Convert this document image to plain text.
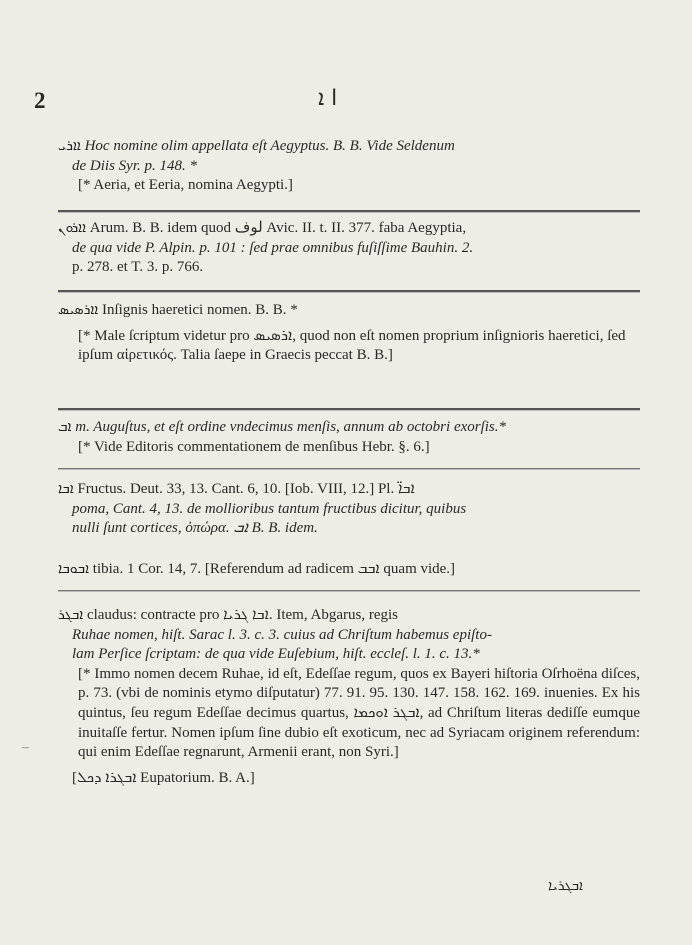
2	ﺍ ܐ

ܐܐܪܝ Hoc nomine olim appellata eſt Aegyptus. B. B. Vide Seldenum

de Diis Syr. p. 148. *

[* Aeria, et Eeria, nomina Aegypti.]

ܐܐܪܘܢ Arum. B. B. idem quod ﻟﻮﻑ Avic. II. t. II. 377. faba Aegyptia,

de qua vide P. Alpin. p. 101 : ſed prae omnibus fuſiſſime Bauhin. 2.

p. 278. et T. 3. p. 766.

ܐܐܪܣܝܣ Inſignis haeretici nomen. B. B. *

[* Male ſcriptum videtur pro ܐܪܣܝܣ, quod non eſt nomen proprium inſignioris haeretici, ſed ipſum αἱρετικός. Talia ſaepe in Graecis peccat B. B.]

ܐܒ m. Auguſtus, et eſt ordine vndecimus menſis, annum ab octobri exorſis.*

[* Vide Editoris commentationem de menſibus Hebr. §. 6.]

ܐܒܐ Fructus. Deut. 33, 13. Cant. 6, 10. [Iob. VIII, 12.] Pl. ܐܒܐ̈

poma, Cant. 4, 13. de mollioribus tantum fructibus dicitur, quibus

nulli ſunt cortices, ὀπώρα. ܐܒ B. B. idem.

ܐܒܘܒܐ tibia. 1 Cor. 14, 7. [Referendum ad radicem ܐܒܒ quam vide.]

ܐܒܓܪ claudus: contracte pro ܐܒܐ ܓܪܝܐ. Item, Abgarus, regis

Ruhae nomen, hiſt. Sarac l. 3. c. 3. cuius ad Chriſtum habemus epiſto-

lam Perſice ſcriptam: de qua vide Euſebium, hiſt. eccleſ. l. 1. c. 13.*

[* Immo nomen decem Ruhae, id eſt, Edeſſae regum, quos ex Bayeri hiſtoria Oſrhoëna diſces, p. 73. (vbi de nominis etymo diſputatur) 77. 91. 95. 130. 147. 158. 162. 169. inuenies. Ex his quintus, ſeu regum Edeſſae decimus quartus, ܐܒܓܪ ܐܘܟܡܐ, ad Chriſtum literas dediſſe eumque inuitaſſe fertur. Nomen ipſum ſine dubio eſt exoticum, nec ad Syriacam originem referendum: qui enim Edeſſae regnarunt, Armenii erant, non Syri.]

[ܐܒܓܪܐ ܕܟܠ Eupatorium. B. A.]

–
ܐܒܓܪܝܐ
